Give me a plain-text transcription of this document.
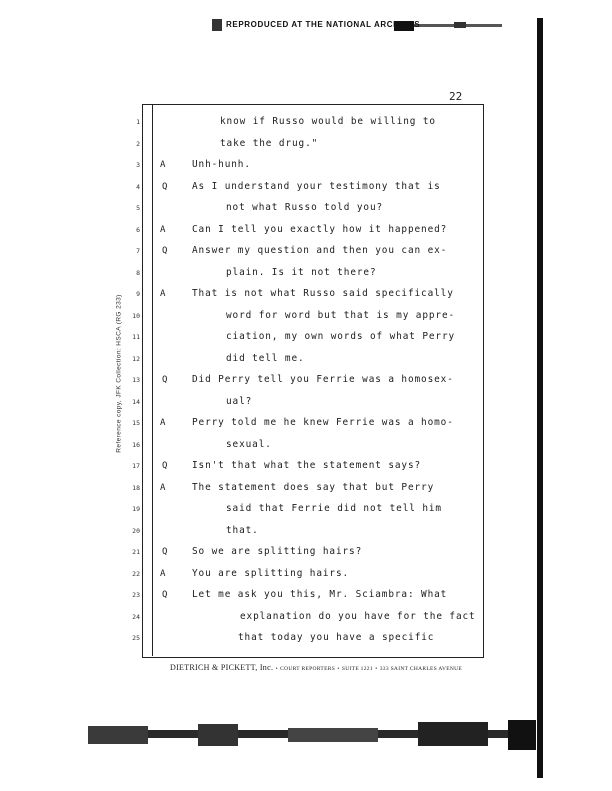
REPRODUCED AT THE NATIONAL ARCHIVES
22
Reference copy, JFK Collection: HSCA (RG 233)
1	know if Russo would be willing to
2	take the drug."
3 A	Unh-hunh.
4 Q	As I understand your testimony that is
5	not what Russo told you?
6 A	Can I tell you exactly how it happened?
7 Q	Answer my question and then you can ex-
8	plain. Is it not there?
9 A	That is not what Russo said specifically
10	word for word but that is my appre-
11	ciation, my own words of what Perry
12	did tell me.
13 Q	Did Perry tell you Ferrie was a homosex-
14	ual?
15 A	Perry told me he knew Ferrie was a homo-
16	sexual.
17 Q	Isn't that what the statement says?
18 A	The statement does say that but Perry
19	said that Ferrie did not tell him
20	that.
21 Q	So we are splitting hairs?
22 A	You are splitting hairs.
23 Q	Let me ask you this, Mr. Sciambra: What
24	explanation do you have for the fact
25	that today you have a specific
DIETRICH & PICKETT, Inc. • COURT REPORTERS • SUITE 1221 • 333 SAINT CHARLES AVENUE
